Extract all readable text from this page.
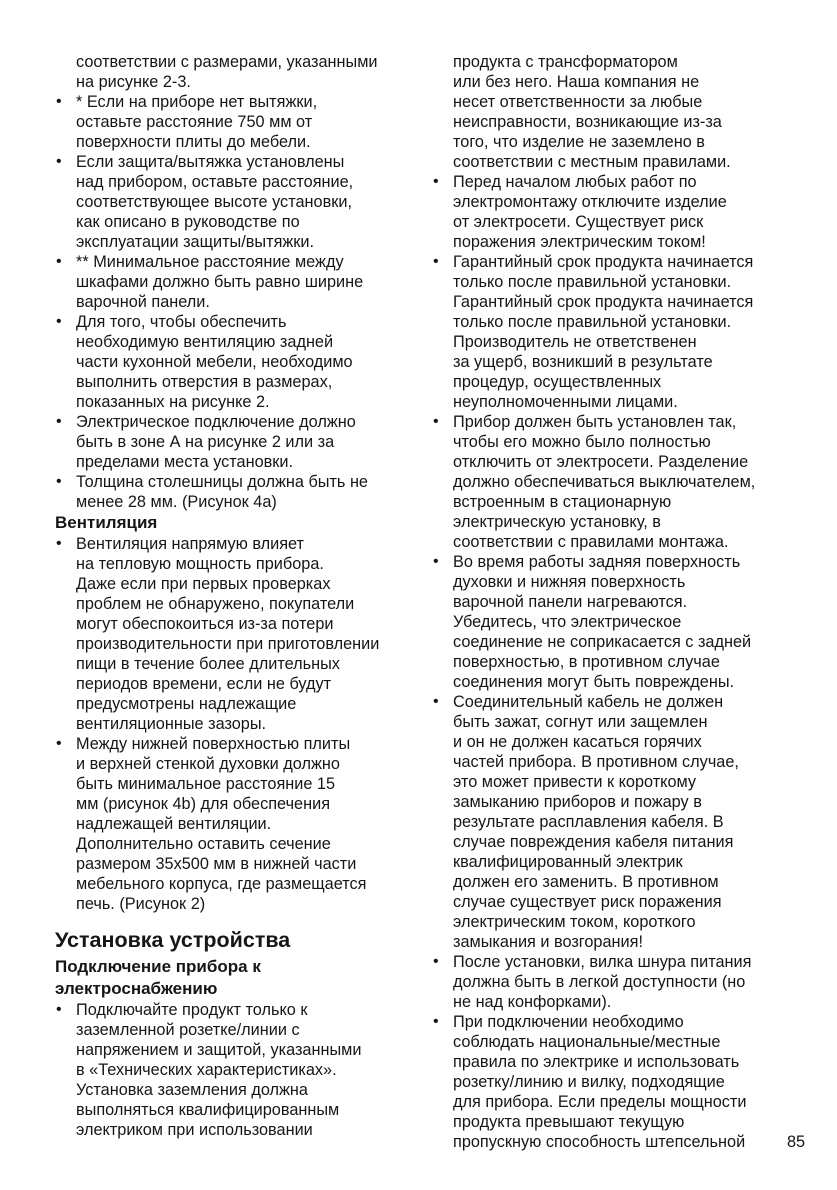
соответствии с размерами, указанными
на рисунке 2-3.

• * Если на приборе нет вытяжки,
оставьте расстояние 750 мм от
поверхности плиты до мебели.
• Если защита/вытяжка установлены
над прибором, оставьте расстояние,
соответствующее высоте установки,
как описано в руководстве по
эксплуатации защиты/вытяжки.
• ** Минимальное расстояние между
шкафами должно быть равно ширине
варочной панели.
• Для того, чтобы обеспечить
необходимую вентиляцию задней
части кухонной мебели, необходимо
выполнить отверстия в размерах,
показанных на рисунке 2.
• Электрическое подключение должно
быть в зоне А на рисунке 2 или за
пределами места установки.
• Толщина столешницы должна быть не
менее 28 мм. (Рисунок 4a)
Вентиляция
• Вентиляция напрямую влияет
на тепловую мощность прибора.
Даже если при первых проверках
проблем не обнаружено, покупатели
могут обеспокоиться из-за потери
производительности при приготовлении
пищи в течение более длительных
периодов времени, если не будут
предусмотрены надлежащие
вентиляционные зазоры.
• Между нижней поверхностью плиты
и верхней стенкой духовки должно
быть минимальное расстояние 15
мм (рисунок 4b) для обеспечения
надлежащей вентиляции.
Дополнительно оставить сечение
размером 35x500 мм в нижней части
мебельного корпуса, где размещается
печь. (Рисунок 2)
Установка устройства
Подключение прибора к
электроснабжению
• Подключайте продукт только к
заземленной розетке/линии с
напряжением и защитой, указанными
в «Технических характеристиках».
Установка заземления должна
выполняться квалифицированным
электриком при использовании

продукта с трансформатором
или без него. Наша компания не
несет ответственности за любые
неисправности, возникающие из-за
того, что изделие не заземлено в
соответствии с местным правилами.

• Перед началом любых работ по
электромонтажу отключите изделие
от электросети. Существует риск
поражения электрическим током!
• Гарантийный срок продукта начинается
только после правильной установки.
Гарантийный срок продукта начинается
только после правильной установки.
Производитель не ответственен
за ущерб, возникший в результате
процедур, осуществленных
неуполномоченными лицами.
• Прибор должен быть установлен так,
чтобы его можно было полностью
отключить от электросети. Разделение
должно обеспечиваться выключателем,
встроенным в стационарную
электрическую установку, в
соответствии с правилами монтажа.
• Во время работы задняя поверхность
духовки и нижняя поверхность
варочной панели нагреваются.
Убедитесь, что электрическое
соединение не соприкасается с задней
поверхностью, в противном случае
соединения могут быть повреждены.
• Соединительный кабель не должен
быть зажат, согнут или защемлен
и он не должен касаться горячих
частей прибора. В противном случае,
это может привести к короткому
замыканию приборов и пожару в
результате расплавления кабеля. В
случае повреждения кабеля питания
квалифицированный электрик
должен его заменить. В противном
случае существует риск поражения
электрическим током, короткого
замыкания и возгорания!
• После установки, вилка шнура питания
должна быть в легкой доступности (но
не над конфорками).
• При подключении необходимо
соблюдать национальные/местные
правила по электрике и использовать
розетку/линию и вилку, подходящие
для прибора. Если пределы мощности
продукта превышают текущую
пропускную способность штепсельной	85
